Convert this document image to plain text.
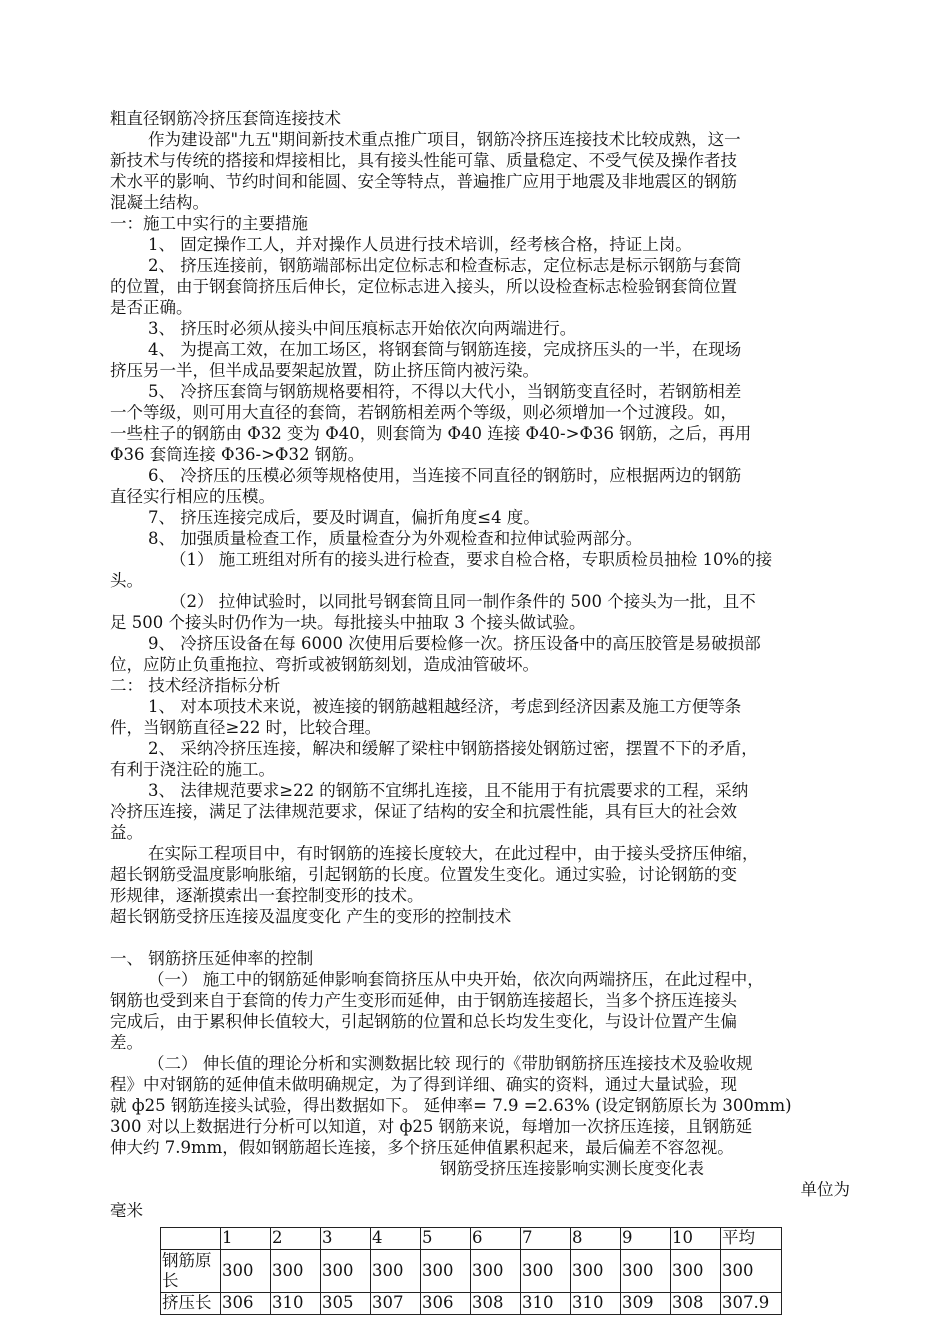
粗直径钢筋冷挤压套筒连接技术

作为建设部"九五"期间新技术重点推广项目，钢筋冷挤压连接技术比较成熟，这一

新技术与传统的搭接和焊接相比，具有接头性能可靠、质量稳定、不受气侯及操作者技

术水平的影响、节约时间和能圆、安全等特点，普遍推广应用于地震及非地震区的钢筋

混凝土结构。

一：施工中实行的主要措施

1、 固定操作工人，并对操作人员进行技术培训，经考核合格，持证上岗。

2、 挤压连接前，钢筋端部标出定位标志和检查标志，定位标志是标示钢筋与套筒

的位置，由于钢套筒挤压后伸长，定位标志进入接头，所以设检查标志检验钢套筒位置

是否正确。

3、 挤压时必须从接头中间压痕标志开始依次向两端进行。

4、 为提高工效，在加工场区，将钢套筒与钢筋连接，完成挤压头的一半，在现场

挤压另一半，但半成品要架起放置，防止挤压筒内被污染。

5、 冷挤压套筒与钢筋规格要相符，不得以大代小，当钢筋变直径时，若钢筋相差

一个等级，则可用大直径的套筒，若钢筋相差两个等级，则必须增加一个过渡段。如，

一些柱子的钢筋由 Φ32 变为 Φ40，则套筒为 Φ40 连接 Φ40->Φ36 钢筋，之后，再用

Φ36 套筒连接 Φ36->Φ32 钢筋。

6、 冷挤压的压模必须等规格使用，当连接不同直径的钢筋时，应根据两边的钢筋

直径实行相应的压模。

7、 挤压连接完成后，要及时调直，偏折角度≤4 度。

8、 加强质量检查工作，质量检查分为外观检查和拉伸试验两部分。

（1） 施工班组对所有的接头进行检查，要求自检合格，专职质检员抽检 10%的接

头。

（2） 拉伸试验时，以同批号钢套筒且同一制作条件的 500 个接头为一批，且不

足 500 个接头时仍作为一块。每批接头中抽取 3 个接头做试验。

9、 冷挤压设备在每 6000 次使用后要检修一次。挤压设备中的高压胶管是易破损部

位，应防止负重拖拉、弯折或被钢筋刻划，造成油管破坏。

二： 技术经济指标分析

1、 对本项技术来说，被连接的钢筋越粗越经济，考虑到经济因素及施工方便等条

件，当钢筋直径≥22 时，比较合理。

2、 采纳冷挤压连接，解决和缓解了梁柱中钢筋搭接处钢筋过密，摆置不下的矛盾，

有利于浇注砼的施工。

3、 法律规范要求≥22 的钢筋不宜绑扎连接，且不能用于有抗震要求的工程，采纳

冷挤压连接，满足了法律规范要求，保证了结构的安全和抗震性能，具有巨大的社会效

益。

在实际工程项目中，有时钢筋的连接长度较大，在此过程中，由于接头受挤压伸缩，

超长钢筋受温度影响胀缩，引起钢筋的长度。位置发生变化。通过实验，讨论钢筋的变

形规律，逐渐摸索出一套控制变形的技术。

超长钢筋受挤压连接及温度变化 产生的变形的控制技术

一、 钢筋挤压延伸率的控制

（一） 施工中的钢筋延伸影响套筒挤压从中央开始，依次向两端挤压，在此过程中，

钢筋也受到来自于套筒的传力产生变形而延伸，由于钢筋连接超长，当多个挤压连接头

完成后，由于累积伸长值较大，引起钢筋的位置和总长均发生变化，与设计位置产生偏

差。

（二） 伸长值的理论分析和实测数据比较 现行的《带肋钢筋挤压连接技术及验收规

程》中对钢筋的延伸值未做明确规定，为了得到详细、确实的资料，通过大量试验，现

就 ф25 钢筋连接头试验，得出数据如下。 延伸率= 7.9 =2.63% (设定钢筋原长为 300mm)

300 对以上数据进行分析可以知道，对 ф25 钢筋来说，每增加一次挤压连接，且钢筋延

伸大约 7.9mm，假如钢筋超长连接，多个挤压延伸值累积起来，最后偏差不容忽视。

钢筋受挤压连接影响实测长度变化表

单位为

毫米

	1	2	3	4	5	6	7	8	9	10	平均
钢筋原长	300	300	300	300	300	300	300	300	300	300	300
挤压长	306	310	305	307	306	308	310	310	309	308	307.9
